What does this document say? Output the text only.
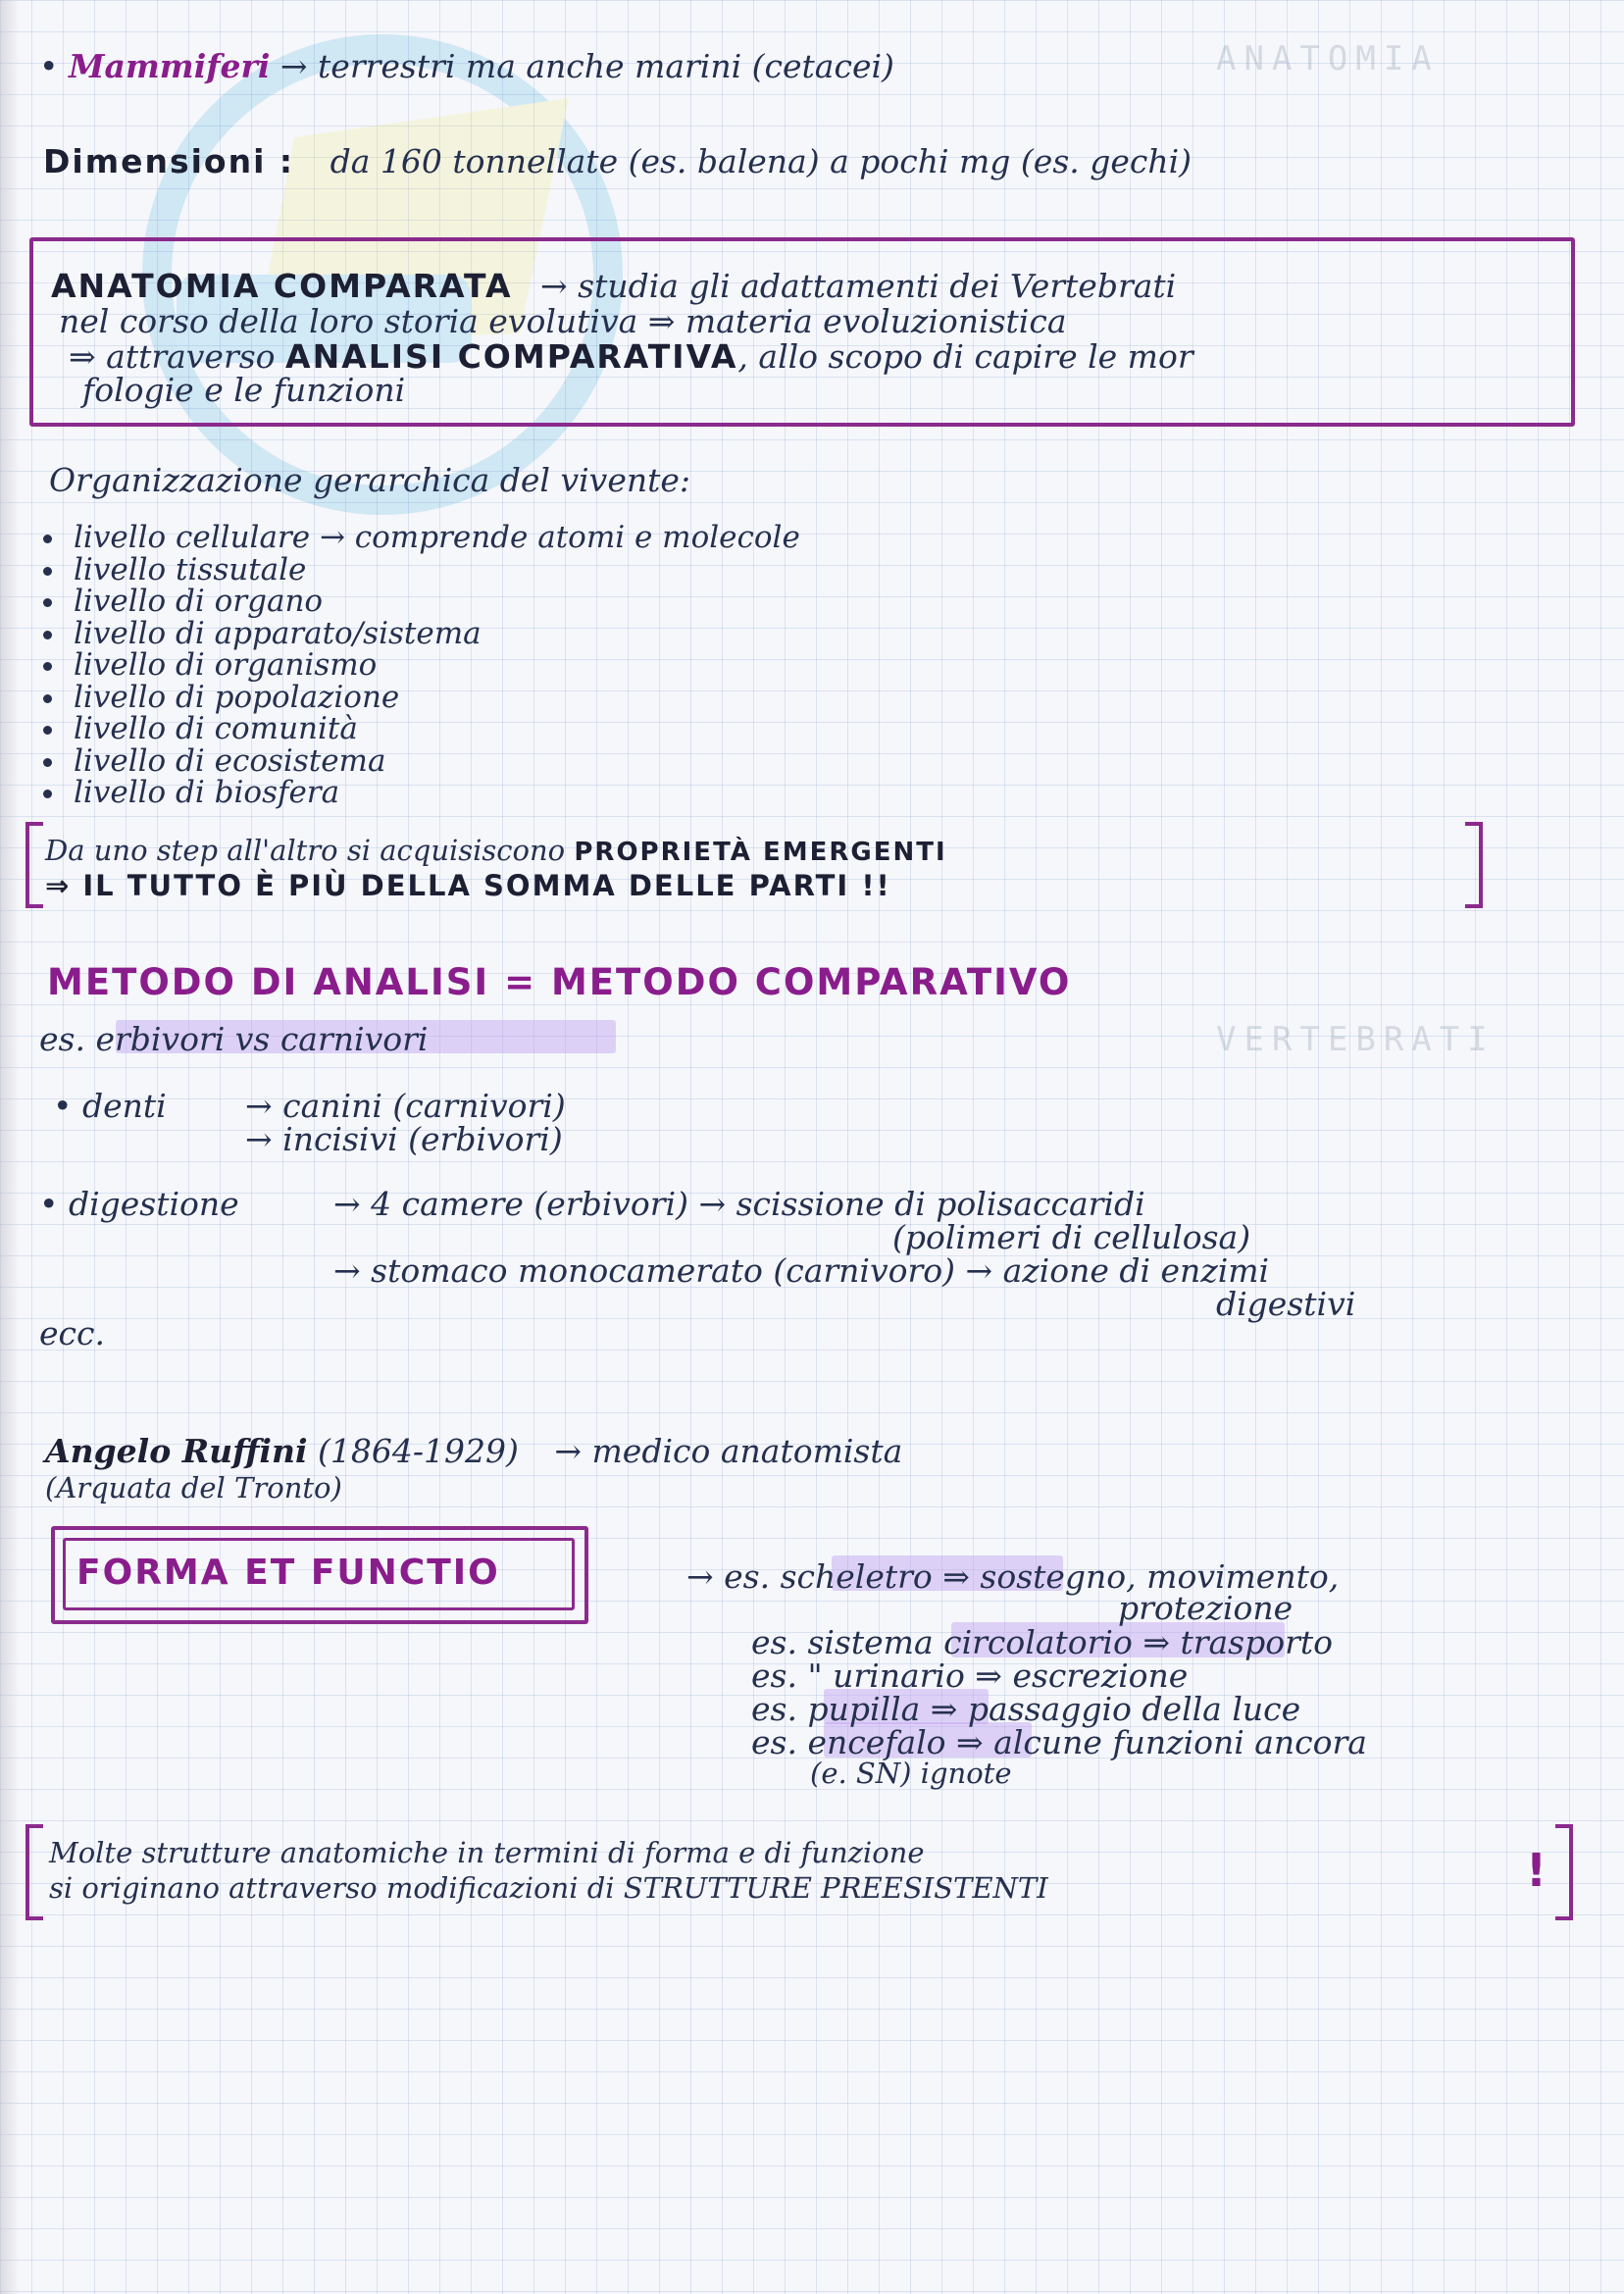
ANATOMIA
VERTEBRATI
• Mammiferi → terrestri ma anche marini (cetacei)
Dimensioni : da 160 tonnellate (es. balena) a pochi mg (es. gechi)
ANATOMIA COMPARATA → studia gli adattamenti dei Vertebrati
nel corso della loro storia evolutiva ⇒ materia evoluzionistica
⇒ attraverso ANALISI COMPARATIVA, allo scopo di capire le mor
fologie e le funzioni
Organizzazione gerarchica del vivente:
livello cellulare → comprende atomi e molecole
livello tissutale
livello di organo
livello di apparato/sistema
livello di organismo
livello di popolazione
livello di comunità
livello di ecosistema
livello di biosfera
Da uno step all'altro si acquisiscono PROPRIETÀ EMERGENTI
⇒ IL TUTTO È PIÙ DELLA SOMMA DELLE PARTI !!
METODO DI ANALISI = METODO COMPARATIVO
es. erbivori vs carnivori
• denti → canini (carnivori)
→ incisivi (erbivori)
• digestione	→ 4 camere (erbivori) → scissione di polisaccaridi
(polimeri di cellulosa)
→ stomaco monocamerato (carnivoro) → azione di enzimi
digestivi
ecc.
Angelo Ruffini (1864-1929) → medico anatomista
(Arquata del Tronto)
FORMA ET FUNCTIO	→ es. scheletro ⇒ sostegno, movimento,
protezione
es. sistema circolatorio ⇒ trasporto
es. " urinario ⇒ escrezione
es. pupilla ⇒ passaggio della luce
es. encefalo ⇒ alcune funzioni ancora
(e. SN) ignote
Molte strutture anatomiche in termini di forma e di funzione
si originano attraverso modificazioni di STRUTTURE PREESISTENTI	!
